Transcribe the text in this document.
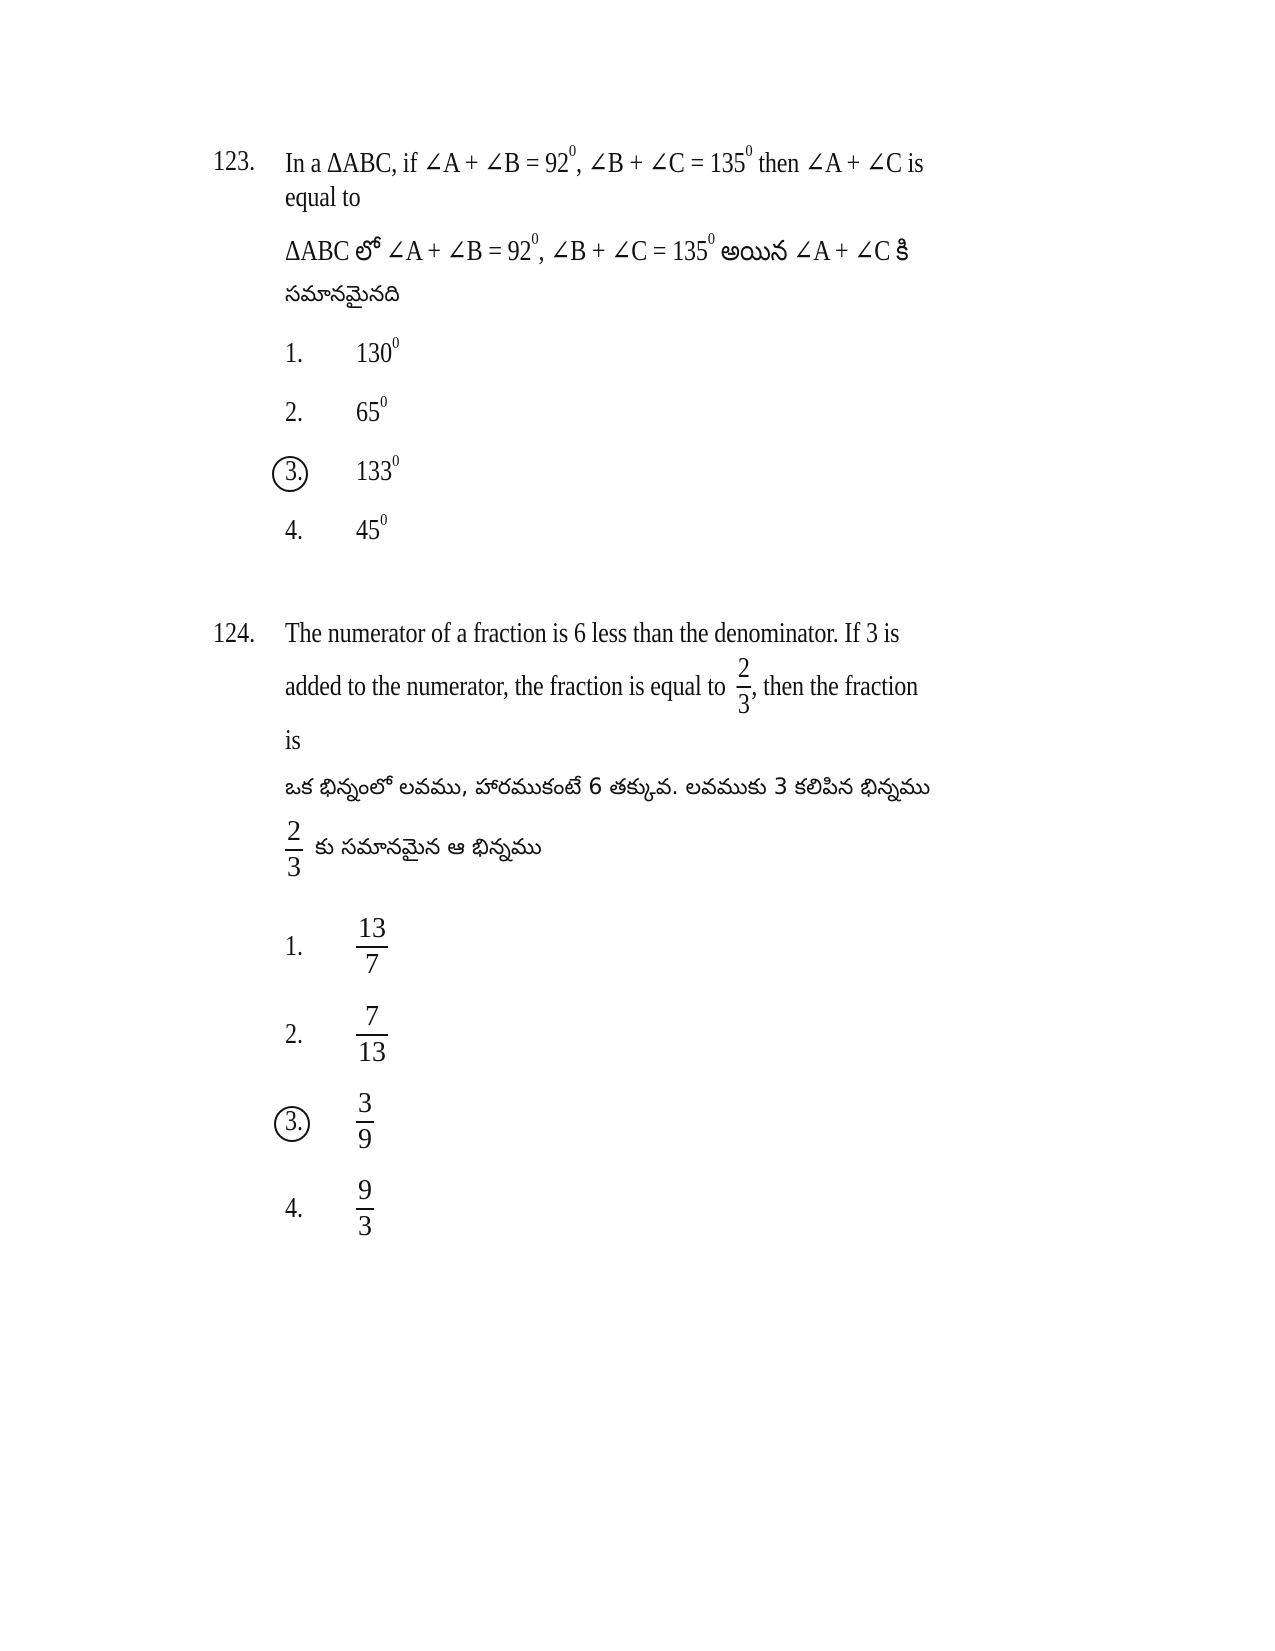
123. In a ΔABC, if ∠A + ∠B = $92^0$, ∠B + ∠C = $135^0$ then ∠A + ∠C is
equal to
ΔABC లో ∠A + ∠B = $92^0$, ∠B + ∠C = $135^0$ అయిన ∠A + ∠C కి
సమానమైనది
1. $130^0$
2. $65^0$
3. $133^0$
4. $45^0$
124. The numerator of a fraction is 6 less than the denominator. If 3 is
added to the numerator, the fraction is equal to $\frac{2}{3}$ , then the fraction
is
ఒక భిన్నంలో లవము, హారముకంటే 6 తక్కువ. లవముకు 3 కలిపిన భిన్నము
$\frac{2}{3}$ కు సమానమైన ఆ భిన్నము
1. $\frac{13}{7}$
2. $\frac{7}{13}$
3. $\frac{3}{9}$
4. $\frac{9}{3}$
